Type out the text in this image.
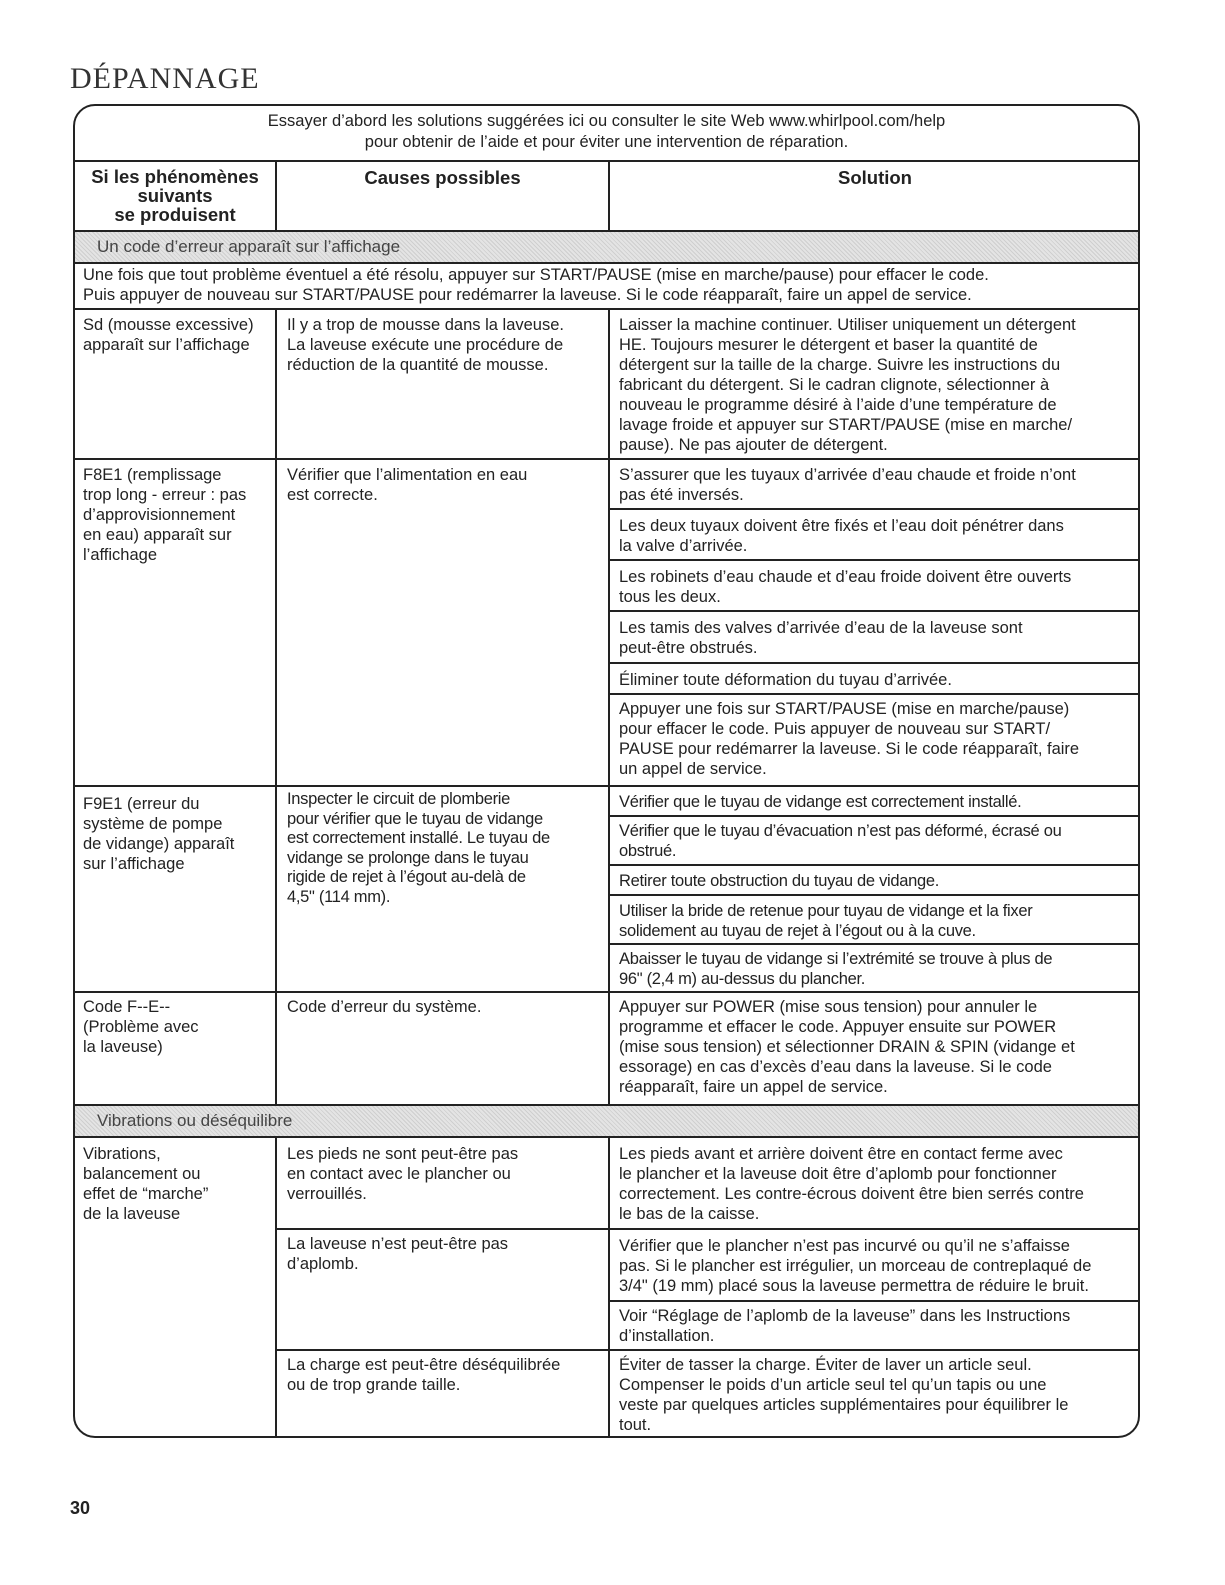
DÉPANNAGE
Essayer d’abord les solutions suggérées ici ou consulter le site Web www.whirlpool.com/help
pour obtenir de l’aide et pour éviter une intervention de réparation.
Si les phénomènes
suivants
se produisent
Causes possibles	Solution
Un code d’erreur apparaît sur l’affichage
Une fois que tout problème éventuel a été résolu, appuyer sur START/PAUSE (mise en marche/pause) pour effacer le code.
Puis appuyer de nouveau sur START/PAUSE pour redémarrer la laveuse. Si le code réapparaît, faire un appel de service.
Sd (mousse excessive)
apparaît sur l’affichage
Il y a trop de mousse dans la laveuse.
La laveuse exécute une procédure de
réduction de la quantité de mousse.
Laisser la machine continuer. Utiliser uniquement un détergent
HE. Toujours mesurer le détergent et baser la quantité de
détergent sur la taille de la charge. Suivre les instructions du
fabricant du détergent. Si le cadran clignote, sélectionner à
nouveau le programme désiré à l’aide d’une température de
lavage froide et appuyer sur START/PAUSE (mise en marche/
pause). Ne pas ajouter de détergent.
F8E1 (remplissage
trop long - erreur : pas
d’approvisionnement
en eau) apparaît sur
l’affichage
Vérifier que l’alimentation en eau
est correcte.
S’assurer que les tuyaux d’arrivée d’eau chaude et froide n’ont
pas été inversés.
Les deux tuyaux doivent être fixés et l’eau doit pénétrer dans
la valve d’arrivée.
Les robinets d’eau chaude et d’eau froide doivent être ouverts
tous les deux.
Les tamis des valves d’arrivée d’eau de la laveuse sont
peut-être obstrués.
Éliminer toute déformation du tuyau d’arrivée.
Appuyer une fois sur START/PAUSE (mise en marche/pause)
pour effacer le code. Puis appuyer de nouveau sur START/
PAUSE pour redémarrer la laveuse. Si le code réapparaît, faire
un appel de service.
F9E1 (erreur du
système de pompe
de vidange) apparaît
sur l’affichage
Inspecter le circuit de plomberie
pour vérifier que le tuyau de vidange
est correctement installé. Le tuyau de
vidange se prolonge dans le tuyau
rigide de rejet à l’égout au-delà de
4,5" (114 mm).
Vérifier que le tuyau de vidange est correctement installé.
Vérifier que le tuyau d’évacuation n’est pas déformé, écrasé ou
obstrué.
Retirer toute obstruction du tuyau de vidange.
Utiliser la bride de retenue pour tuyau de vidange et la fixer
solidement au tuyau de rejet à l’égout ou à la cuve.
Abaisser le tuyau de vidange si l’extrémité se trouve à plus de
96" (2,4 m) au-dessus du plancher.
Code F--E--
(Problème avec
la laveuse)
Code d’erreur du système.	Appuyer sur POWER (mise sous tension) pour annuler le
programme et effacer le code. Appuyer ensuite sur POWER
(mise sous tension) et sélectionner DRAIN & SPIN (vidange et
essorage) en cas d’excès d’eau dans la laveuse. Si le code
réapparaît, faire un appel de service.
Vibrations ou déséquilibre
Vibrations,
balancement ou
effet de “marche”
de la laveuse
Les pieds ne sont peut-être pas
en contact avec le plancher ou
verrouillés.
Les pieds avant et arrière doivent être en contact ferme avec
le plancher et la laveuse doit être d’aplomb pour fonctionner
correctement. Les contre-écrous doivent être bien serrés contre
le bas de la caisse.
La laveuse n’est peut-être pas
d’aplomb.
Vérifier que le plancher n’est pas incurvé ou qu’il ne s’affaisse
pas. Si le plancher est irrégulier, un morceau de contreplaqué de
3/4" (19 mm) placé sous la laveuse permettra de réduire le bruit.
Voir “Réglage de l’aplomb de la laveuse” dans les Instructions
d’installation.
La charge est peut-être déséquilibrée
ou de trop grande taille.
Éviter de tasser la charge. Éviter de laver un article seul.
Compenser le poids d’un article seul tel qu’un tapis ou une
veste par quelques articles supplémentaires pour équilibrer le
tout.
30
